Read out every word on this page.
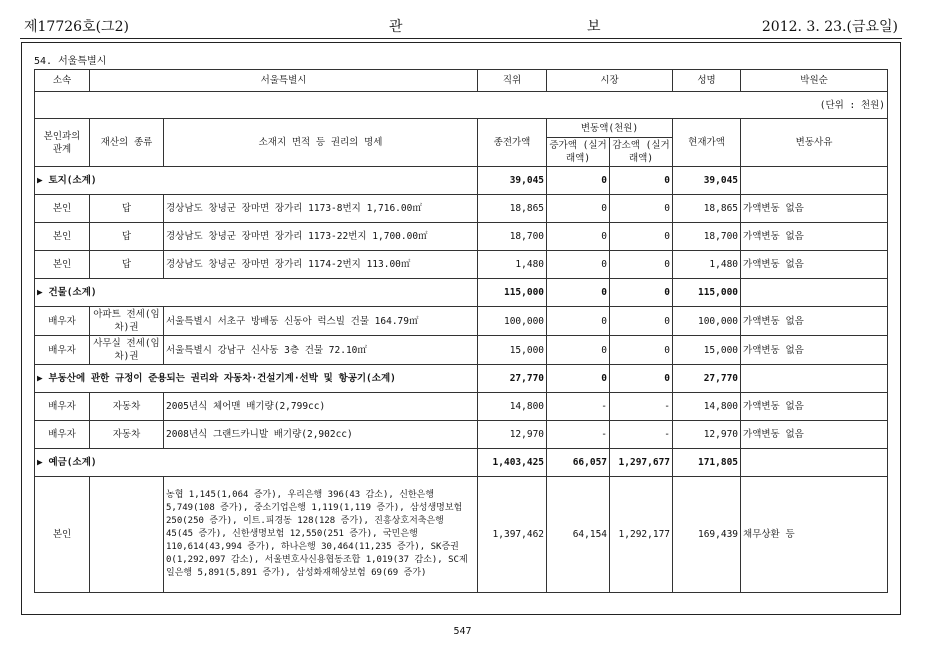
제17726호(그2)	관 보	2012. 3. 23.(금요일)
54. 서울특별시
소속	서울특별시		직위	시장		성명	박원순
(단위 : 천원)							
본인과의 관계	재산의 종류	소재지 면적 등 권리의 명세	종전가액	변동액(천원)		현재가액	변동사유
				증가액 (실거래액)	감소액 (실거래액)		
▶ 토지(소계)			39,045	0	0	39,045	
본인	답	경상남도 창녕군 장마면 장가리 1173-8번지 1,716.00㎡	18,865	0	0	18,865	가액변동 없음
본인	답	경상남도 창녕군 장마면 장가리 1173-22번지 1,700.00㎡	18,700	0	0	18,700	가액변동 없음
본인	답	경상남도 창녕군 장마면 장가리 1174-2번지 113.00㎡	1,480	0	0	1,480	가액변동 없음
▶ 건물(소계)			115,000	0	0	115,000	
배우자	아파트 전세(임차)권	서울특별시 서초구 방배동 신동아 럭스빌 건물 164.79㎡	100,000	0	0	100,000	가액변동 없음
배우자	사무실 전세(임차)권	서울특별시 강남구 신사동 3층 건물 72.10㎡	15,000	0	0	15,000	가액변동 없음
▶ 부동산에 관한 규정이 준용되는 권리와 자동차·건설기계·선박 및 항공기(소계)			27,770	0	0	27,770	
배우자	자동차	2005년식 체어맨 배기량(2,799cc)	14,800	-	-	14,800	가액변동 없음
배우자	자동차	2008년식 그랜드카니발 배기량(2,902cc)	12,970	-	-	12,970	가액변동 없음
▶ 예금(소계)			1,403,425	66,057	1,297,677	171,805	
본인		농협 1,145(1,064 증가), 우리은행 396(43 감소), 신한은행 5,749(108 증가), 중소기업은행 1,119(1,119 증가), 삼성생명보험 250(250 증가), 이트.피경동 128(128 증가), 진흥상호저축은행 45(45 증가), 신한생명보험 12,550(251 증가), 국민은행 110,614(43,994 증가), 하나은행 30,464(11,235 증가), SK증권 0(1,292,097 감소), 서울변호사신용협동조합 1,019(37 감소), SC제일은행 5,891(5,891 증가), 삼성화재해상보험 69(69 증가)	1,397,462	64,154	1,292,177	169,439	채무상환 등
547
